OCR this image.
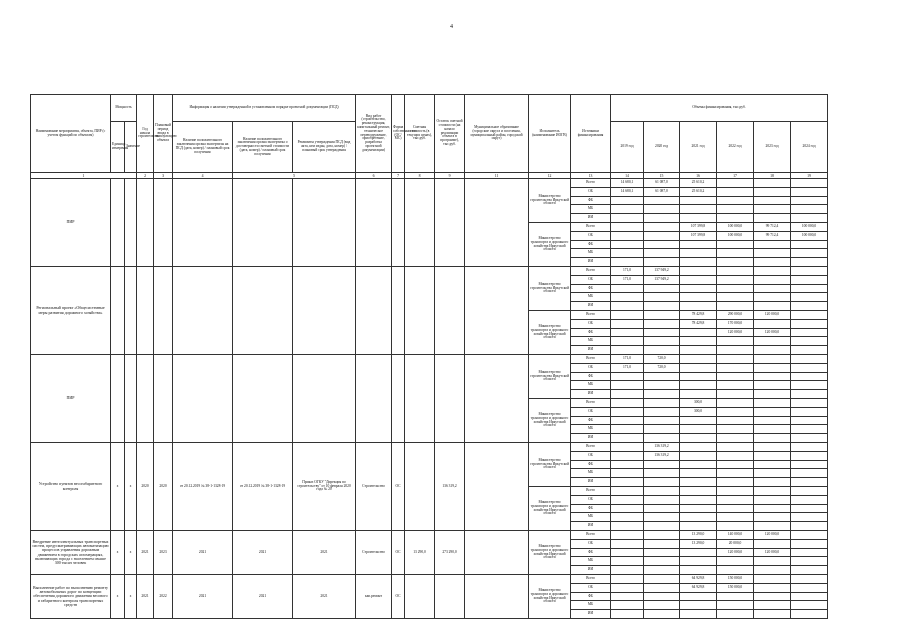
4
Наименование мероприятия, объекта, ПИР (с учетом функций по объектам)	Мощность		Год начала строительства	Плановый период ввода в эксплуатацию объекта	Информация о наличии утвержденной в установленном порядке проектной документации (ПСД)			Вид работ (строительство, реконструкция, капитальный ремонт, техническое перевооружение, приобретение, разработка проектной документации)	Форма собственности (ОС/МС)	Сметная стоимость (в текущих ценах), тыс.руб.	Остаток сметной стоимости (на начало реализации объекта в программе), тыс.руб.	Муниципальное образование (городские округа и поселения, муниципальный район, городской округ)	Исполнитель (наименование ИОГВ)	Источники финансирования	Объемы финансирования, тыс.руб.					
	Единица измерения	Значение			Наличие положительного заключения органа экспертизы на ПСД (дата, номер) / плановый срок получения	Наличие положительного заключения органа экспертизы о достоверности сметной стоимости (дата, номер) / плановый срок получения	Реквизиты утверждения ПСД (вид акта, кем издан, дата, номер) / плановый срок утверждения								2019 год	2020 год	2021 год	2022 год	2023 год	2024 год
1			2	3	4	5		6	7	8	9	11	12	13	14	15	16	17	18	19
ПИР													Министерство строительства Иркутской области	Всего	14 680,1	61 087,0	25 610,2			
														ОБ	14 680,1	61 087,0	25 610,2			
														ФБ						
														МБ						
														ИИ						
													Министерство транспорта и дорожного хозяйства Иркутской области	Всего			107 399,8	100 000,0	99 712,4	100 000,0
														ОБ			107 399,8	100 000,0	99 712,4	100 000,0
														ФБ						
														МБ						
														ИИ						
Региональный проект «Общесистемные меры развития дорожного хозяйства»													Министерство строительства Иркутской области	Всего	171,0	137 949,2				
														ОБ	171,0	137 949,2				
														ФБ						
														МБ						
														ИИ						
													Министерство транспорта и дорожного хозяйства Иркутской области	Всего			78 429,8	290 000,0	120 000,0	
														ОБ			78 429,8	170 000,0		
														ФБ				120 000,0	120 000,0	
														МБ						
														ИИ						
ПИР													Министерство строительства Иркутской области	Всего	171,0	720,0				
														ОБ	171,0	720,0				
														ФБ						
														МБ						
														ИИ						
													Министерство транспорта и дорожного хозяйства Иркутской области	Всего			300,0			
														ОБ			300,0			
														ФБ						
														МБ						
														ИИ						
Устройство пунктов весогабаритного контроля	х	х	2020	2020	от 20.12.2019 № 38-1-1328-19	от 20.12.2019 № 38-1-1328-19	Приказ ОГКУ "Дирекция по строительству" от 10 февраля 2020 года № 20	Строительство	ОС		136 319,2		Министерство строительства Иркутской области	Всего		136 319,2				
														ОБ		136 319,2				
														ФБ						
														МБ						
														ИИ						
													Министерство транспорта и дорожного хозяйства Иркутской области	Всего						
														ОБ						
														ФБ						
														МБ						
														ИИ						
Внедрение интеллектуальных транспортных систем, предусматривающих автоматизацию процессов управления дорожным движением в городских агломерациях, включающих города с населением свыше 300 тысяч человек	х	х	2021	2023	2021	2021	2021	Строительство	ОС	13 290,0	273 290,0		Министерство транспорта и дорожного хозяйства Иркутской области	Всего			13 290,0	140 000,0	120 000,0	
														ОБ			13 290,0	20 000,0		
														ФБ				120 000,0	120 000,0	
														МБ						
														ИИ						
Выполнение работ по выполнению ремонту автомобильных дорог по концепции обеспечения дорожного движения весового и габаритного контроля транспортных средств	х	х	2021	2022	2021	2021	2021	кап.ремонт	ОС				Министерство транспорта и дорожного хозяйства Иркутской области	Всего			64 929,8	150 000,0		
														ОБ			64 929,8	150 000,0		
														ФБ						
														МБ						
														ИИ						
